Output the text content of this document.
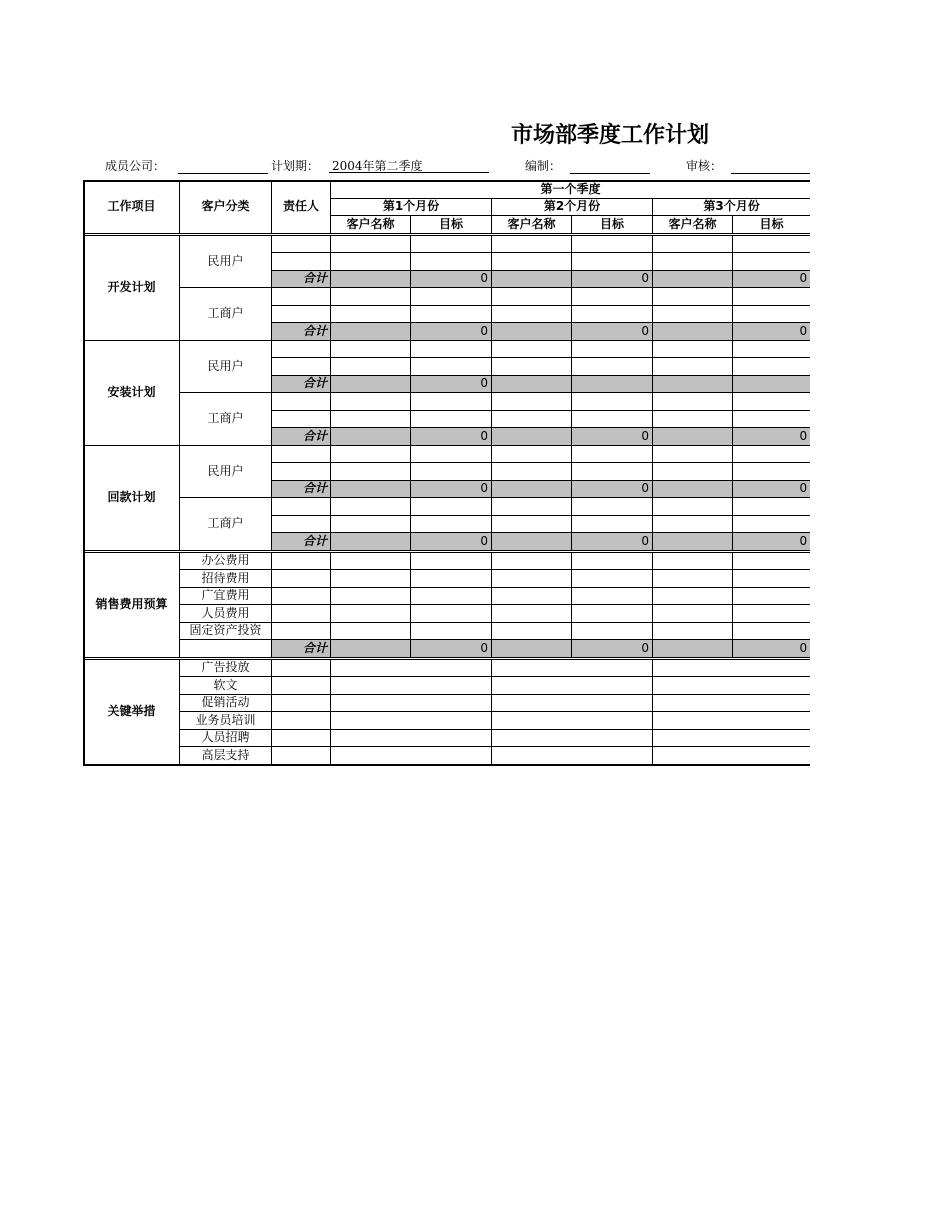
市场部季度工作计划
成员公司：	计划期： 2004年第二季度	编制：	审核：
工作项目	客户分类	责任人	第一个季度					
			第1个月份		第2个月份		第3个月份	
			客户名称	目标	客户名称	目标	客户名称	目标
开发计划	民用户							

		合计		0		0		0
	工商户							

		合计		0		0		0
安装计划	民用户							

		合计		0				
	工商户							

		合计		0		0		0
回款计划	民用户							

		合计		0		0		0
	工商户							

		合计		0		0		0
销售费用预算	办公费用							
	招待费用							
	广宜费用							
	人员费用							
	固定资产投资							
		合计		0		0		0
关键举措	广告投放							
	软文							
	促销活动							
	业务员培训							
	人员招聘							
	高层支持							
